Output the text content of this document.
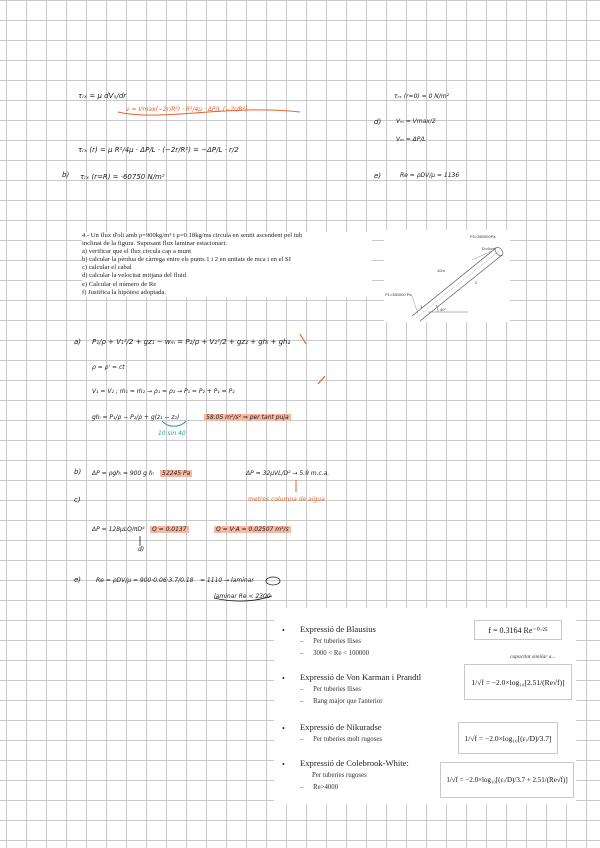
τᵣₓ = μ dVₓ/dr
v = Vmax(−2r/R²) · R²/4μ · ΔP/L (−2r/R²)
τᵣₓ (r) = μ R²/4μ · ΔP/L · (−2r/R²) = −ΔP/L · r/2
b) τᵣₓ (r=R) = ·60750 N/m²
τᵣₓ (r=0) = 0 N/m²
d) Vₘ = Vmax/2
Vₘ = ΔP/L
e)	Re = ρDV/μ = 1136
4.- Un flux d'oli amb ρ=900kg/m³ i μ=0.18kg/ms circula en sentit ascendent pel tub
inclinat de la figura. Suposant flux laminar estacionari:
a) verificar que el flux circula cap a munt
b) calcular la pèrdua de càrrega entre els punts 1 i 2 en unitats de mca i en el SI
c) calcular el cabal
d) calcular la velocitat mitjana del fluid
e) Calcular el número de Re
f) Justifica la hipòtesi adoptada.
P2=350000Pa
D=6cm
10m
P1=350000 Pa
2
1
40°
a) P₁/ρ + V₁²/2 + gz₁ − wₘ = P₂/ρ + V₂²/2 + gz₂ + ghₗ + gh₂
ρ = ρ' = ct
V₁ = V₂ ; ṁ₁ = ṁ₂ → ρ₁ = ρ₂ → P₁ = P₂ + P₁ = P₂
ghₗ = P₁/ρ − P₂/ρ + g(z₁ − z₂)
10 sin 40
58.05 m²/s² ⇒ per tant puja
b) ΔP = ρghₗ = 900 g hₗ	52245 Pa	ΔP = 32μVL/D² → 5.9 m.c.a.
metres columna de aigua
c)
ΔP = 128μLQ/πD⁴	Q = 0.0137	Q = V·A = 0.02507 m³/s
d)
e) Re = ρDV/μ = 900·0.06·3.7/0.18 = 1110 → laminar
laminar Re < 2300
• Expressió de Blausius
– Per tuberies llises
– 3000 < Re < 100000
f = 0.3164 Re⁻⁰·²⁵
capacitat similar a...
• Expressió de Von Karman i Prandtl
– Per tuberies llises
– Rang major que l'anterior
1/√f = −2.0×log₁₀[2.51/(Re√f)]
• Expressió de Nikuradse
– Per tuberies molt rugoses	1/√f = −2.0×log₁₀[(εᵣ/D)/3.7]
• Expressió de Colebrook-White:
Per tuberies rugoses
– Re>4000
1/√f = −2.0×log₁₀[(εᵣ/D)/3.7 + 2.51/(Re√f)]
